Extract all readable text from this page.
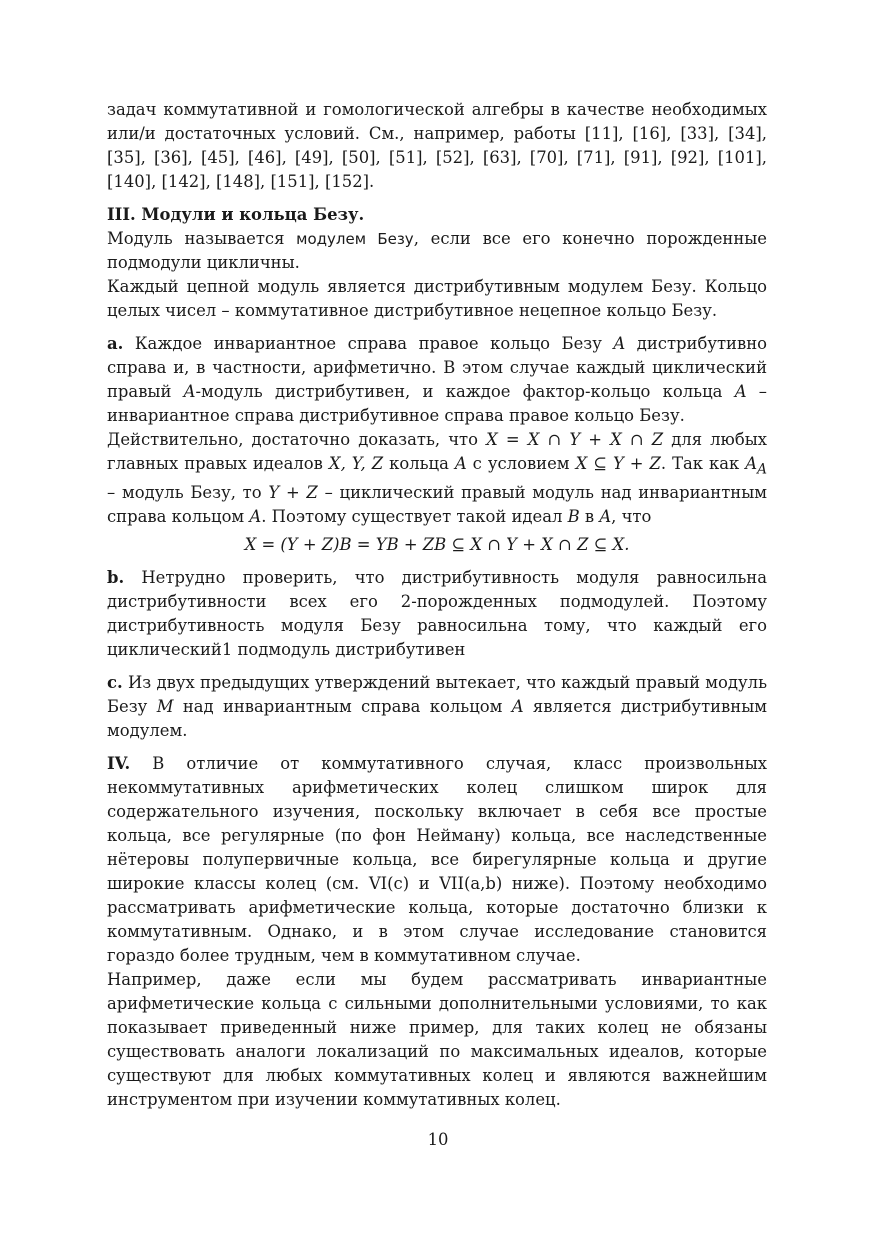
задач коммутативной и гомологической алгебры в качестве необходимых или/и достаточных условий. См., например, работы [11], [16], [33], [34], [35], [36], [45], [46], [49], [50], [51], [52], [63], [70], [71], [91], [92], [101], [140], [142], [148], [151], [152].

III. Модули и кольца Безу.

Модуль называется модулем Безу, если все его конечно порожденные подмодули цикличны.

Каждый цепной модуль является дистрибутивным модулем Безу. Кольцо целых чисел – коммутативное дистрибутивное нецепное кольцо Безу.

a. Каждое инвариантное справа правое кольцо Безу A дистрибутивно справа и, в частности, арифметично. В этом случае каждый циклический правый A-модуль дистрибутивен, и каждое фактор-кольцо кольца A – инвариантное справа дистрибутивное справа правое кольцо Безу.

Действительно, достаточно доказать, что X = X ∩ Y + X ∩ Z для любых главных правых идеалов X, Y, Z кольца A с условием X ⊆ Y + Z. Так как $A_A$ – модуль Безу, то Y + Z – циклический правый модуль над инвариантным справа кольцом A. Поэтому существует такой идеал B в A, что

X = (Y + Z)B = YB + ZB ⊆ X ∩ Y + X ∩ Z ⊆ X.

b. Нетрудно проверить, что дистрибутивность модуля равносильна дистрибутивности всех его 2-порожденных подмодулей. Поэтому дистрибутивность модуля Безу равносильна тому, что каждый его циклический1 подмодуль дистрибутивен

c. Из двух предыдущих утверждений вытекает, что каждый правый модуль Безу M над инвариантным справа кольцом A является дистрибутивным модулем.

IV. В отличие от коммутативного случая, класс произвольных некоммутативных арифметических колец слишком широк для содержательного изучения, поскольку включает в себя все простые кольца, все регулярные (по фон Нейману) кольца, все наследственные нётеровы полупервичные кольца, все бирегулярные кольца и другие широкие классы колец (см. VI(c) и VII(a,b) ниже). Поэтому необходимо рассматривать арифметические кольца, которые достаточно близки к коммутативным. Однако, и в этом случае исследование становится гораздо более трудным, чем в коммутативном случае.

Например, даже если мы будем рассматривать инвариантные арифметические кольца с сильными дополнительными условиями, то как показывает приведенный ниже пример, для таких колец не обязаны существовать аналоги локализаций по максимальных идеалов, которые существуют для любых коммутативных колец и являются важнейшим инструментом при изучении коммутативных колец.

10
